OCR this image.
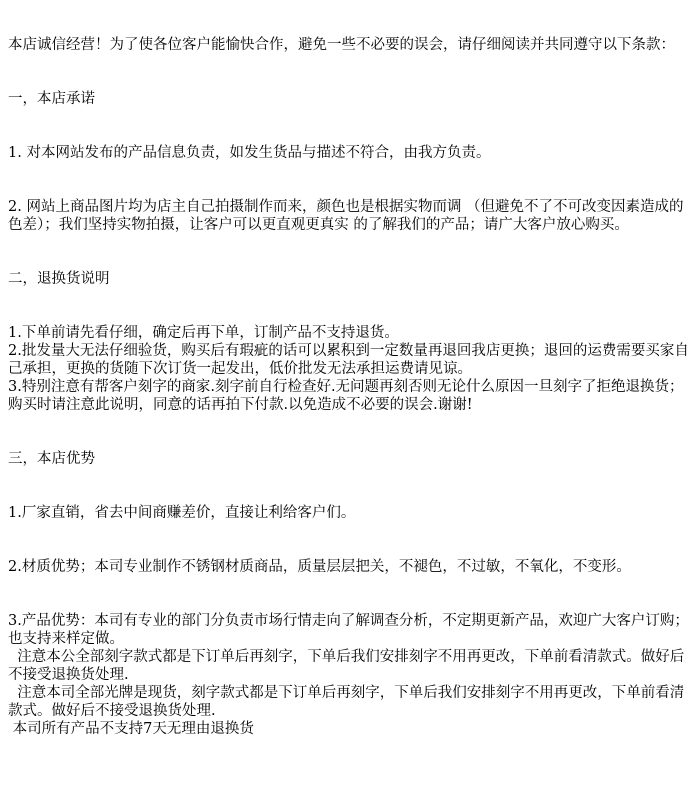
本店诚信经营！为了使各位客户能愉快合作，避免一些不必要的误会，请仔细阅读并共同遵守以下条款：

一，本店承诺

1. 对本网站发布的产品信息负责，如发生货品与描述不符合，由我方负责。

2. 网站上商品图片均为店主自己拍摄制作而来，颜色也是根据实物而调 （但避免不了不可改变因素造成的色差）；我们坚持实物拍摄，让客户可以更直观更真实 的了解我们的产品；请广大客户放心购买。

二，退换货说明

1.下单前请先看仔细，确定后再下单，订制产品不支持退货。

2.批发量大无法仔细验货，购买后有瑕疵的话可以累积到一定数量再退回我店更换；退回的运费需要买家自己承担，更换的货随下次订货一起发出，低价批发无法承担运费请见谅。

3.特别注意有帮客户刻字的商家.刻字前自行检查好.无问题再刻否则无论什么原因一旦刻字了拒绝退换货；购买时请注意此说明，同意的话再拍下付款.以免造成不必要的误会.谢谢!

三，本店优势

1.厂家直销，省去中间商赚差价，直接让利给客户们。

2.材质优势；本司专业制作不锈钢材质商品，质量层层把关，不褪色，不过敏，不氧化，不变形。

3.产品优势：本司有专业的部门分负责市场行情走向了解调查分析，不定期更新产品，欢迎广大客户订购；也支持来样定做。

注意本公全部刻字款式都是下订单后再刻字，下单后我们安排刻字不用再更改，下单前看清款式。做好后不接受退换货处理.

注意本司全部光牌是现货，刻字款式都是下订单后再刻字，下单后我们安排刻字不用再更改，下单前看清款式。做好后不接受退换货处理.

本司所有产品不支持7天无理由退换货
